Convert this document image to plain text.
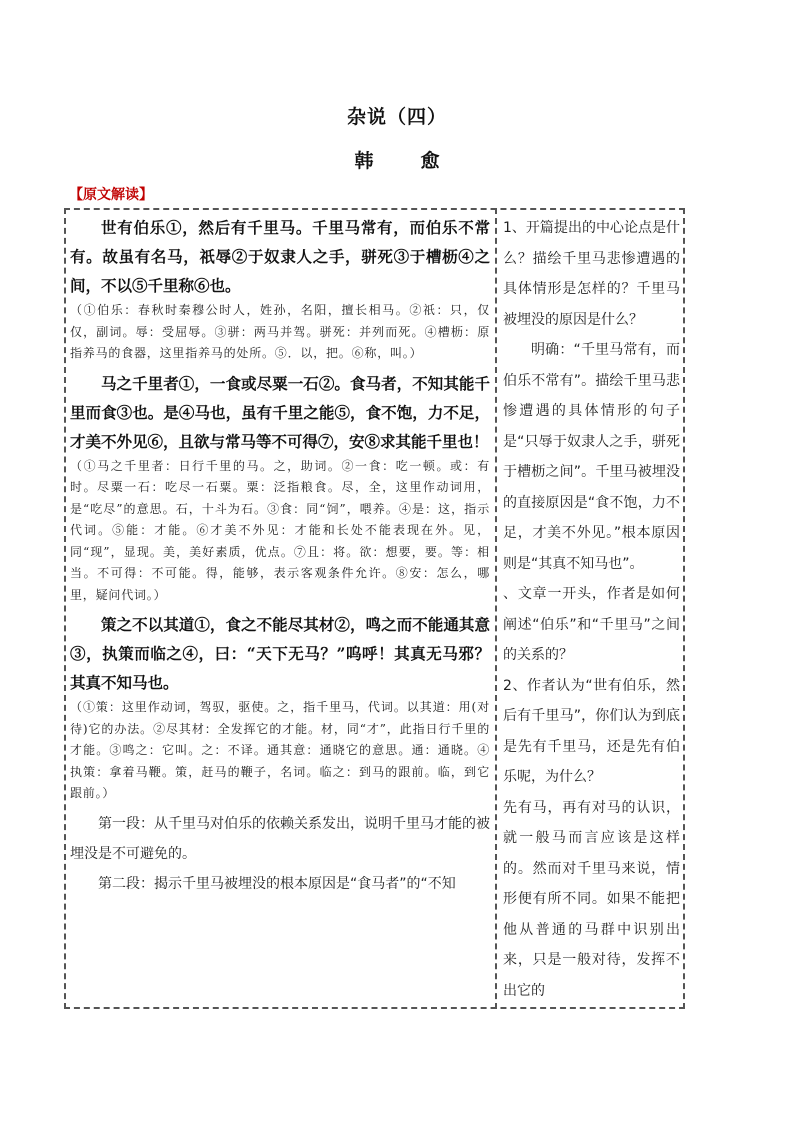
杂说（四）
韩　愈
【原文解读】

世有伯乐①，然后有千里马。千里马常有，而伯乐不常有。故虽有名马，祇辱②于奴隶人之手，骈死③于槽枥④之间，不以⑤千里称⑥也。

（①伯乐：春秋时秦穆公时人，姓孙，名阳，擅长相马。②祇：只，仅仅，副词。辱：受屈辱。③骈：两马并驾。骈死：并列而死。④槽枥：原指养马的食器，这里指养马的处所。⑤．以，把。⑥称，叫。）

马之千里者①，一食或尽粟一石②。食马者，不知其能千里而食③也。是④马也，虽有千里之能⑤，食不饱，力不足，才美不外见⑥，且欲与常马等不可得⑦，安⑧求其能千里也！

（①马之千里者：日行千里的马。之，助词。②一食：吃一顿。或：有时。尽粟一石：吃尽一石粟。粟：泛指粮食。尽，全，这里作动词用，是“吃尽”的意思。石，十斗为石。③食：同“饲”，喂养。④是：这，指示代词。⑤能：才能。⑥才美不外见：才能和长处不能表现在外。见，同“现”，显现。美，美好素质，优点。⑦且：将。欲：想要，要。等：相当。不可得：不可能。得，能够，表示客观条件允许。⑧安：怎么，哪里，疑问代词。）

策之不以其道①，食之不能尽其材②，鸣之而不能通其意③，执策而临之④，曰：“天下无马？”呜呼！其真无马邪？其真不知马也。

（①策：这里作动词，驾驭，驱使。之，指千里马，代词。以其道：用(对待)它的办法。②尽其材：全发挥它的才能。材，同“才”，此指日行千里的才能。③鸣之：它叫。之：不译。通其意：通晓它的意思。通：通晓。④执策：拿着马鞭。策，赶马的鞭子，名词。临之：到马的跟前。临，到它跟前。）

第一段：从千里马对伯乐的依赖关系发出，说明千里马才能的被埋没是不可避免的。

第二段：揭示千里马被埋没的根本原因是“食马者”的“不知

1、开篇提出的中心论点是什么？描绘千里马悲惨遭遇的具体情形是怎样的？千里马被埋没的原因是什么？

明确：“千里马常有，而伯乐不常有”。描绘千里马悲惨遭遇的具体情形的句子是“只辱于奴隶人之手，骈死于槽枥之间”。千里马被埋没的直接原因是“食不饱，力不足，才美不外见。”根本原因则是“其真不知马也”。

、文章一开头，作者是如何阐述“伯乐”和“千里马”之间的关系的？

2、作者认为“世有伯乐，然后有千里马”，你们认为到底是先有千里马，还是先有伯乐呢，为什么？

先有马，再有对马的认识，就一般马而言应该是这样的。然而对千里马来说，情形便有所不同。如果不能把他从普通的马群中识别出来，只是一般对待，发挥不出它的
